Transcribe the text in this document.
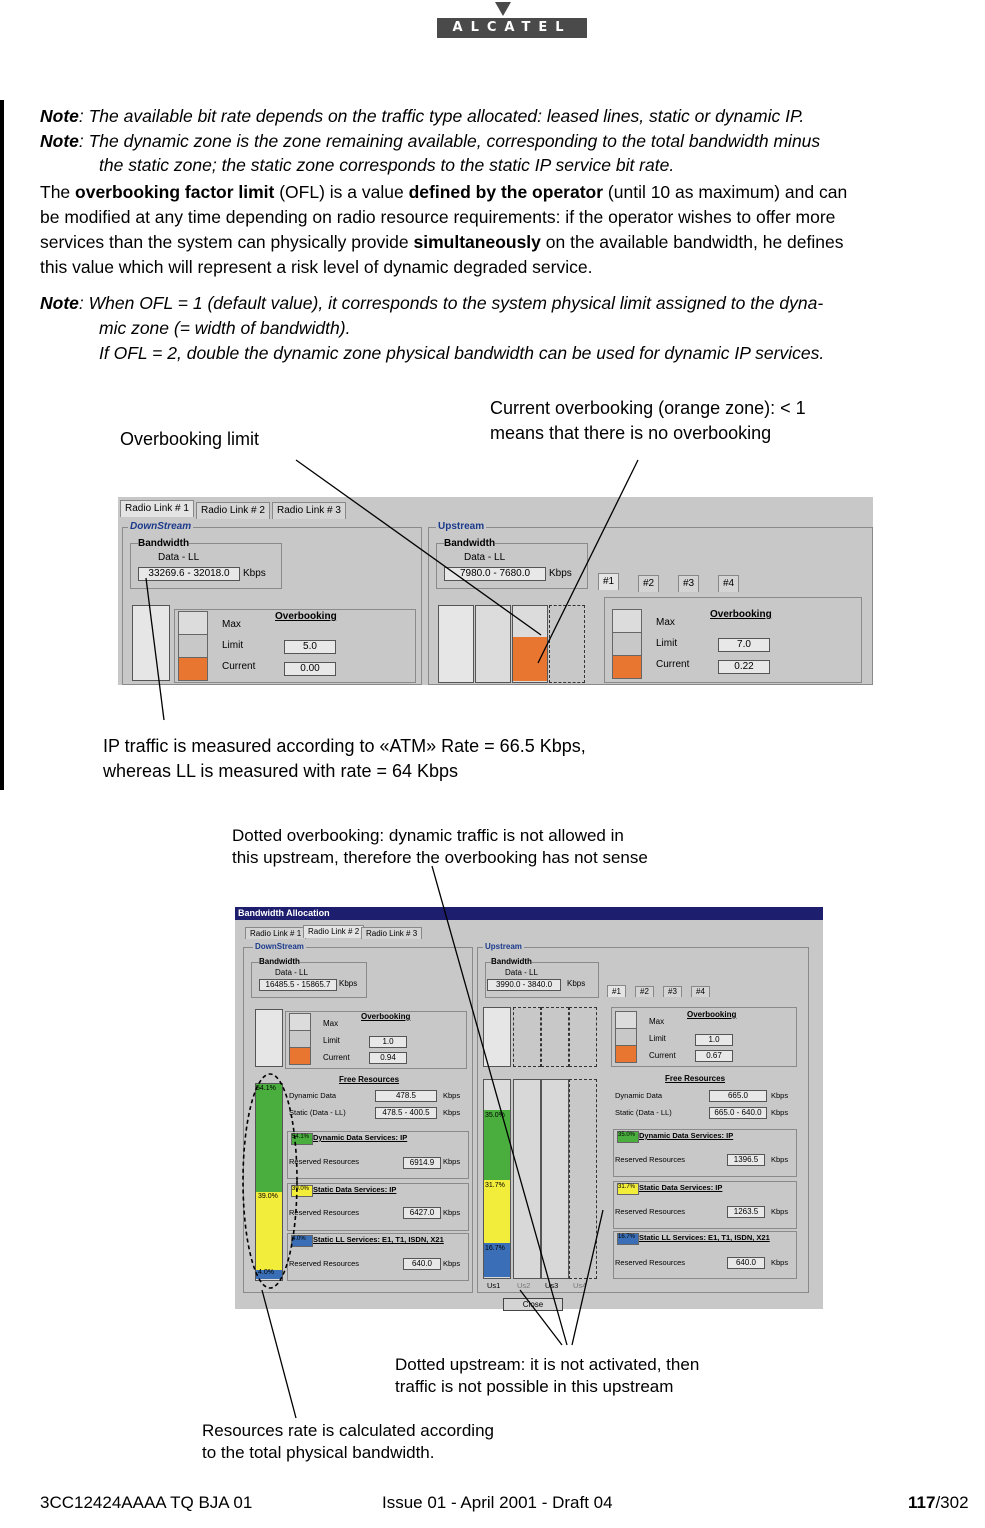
ALCATEL
Note: The available bit rate depends on the traffic type allocated: leased lines, static or dynamic IP.
Note: The dynamic zone is the zone remaining available, corresponding to the total bandwidth minus
the static zone; the static zone corresponds to the static IP service bit rate.
The overbooking factor limit (OFL) is a value defined by the operator (until 10 as maximum) and can
be modified at any time depending on radio resource requirements: if the operator wishes to offer more
services than the system can physically provide simultaneously on the available bandwidth, he defines
this value which will represent a risk level of dynamic degraded service.
Note: When OFL = 1 (default value), it corresponds to the system physical limit assigned to the dyna-
mic zone (= width of bandwidth).
If OFL = 2, double the dynamic zone physical bandwidth can be used for dynamic IP services.
Overbooking limit
Current overbooking (orange zone): < 1
means that there is no overbooking
IP traffic is measured according to «ATM» Rate = 66.5 Kbps,
whereas LL is measured with rate = 64 Kbps
Radio Link # 1	Radio Link # 2	Radio Link # 3
DownStream
Bandwidth
Data - LL
33269.6 - 32018.0	Kbps
Overbooking
Max
Limit
Current
5.0
0.00
Upstream
Bandwidth
Data - LL
7980.0 - 7680.0	Kbps
#1	#2	#3	#4
Overbooking
Max
Limit
Current
7.0
0.22
Dotted overbooking: dynamic traffic is not allowed in
this upstream, therefore the overbooking has not sense
Bandwidth Allocation
Radio Link # 1 Radio Link # 2 Radio Link # 3
DownStream
Bandwidth
Data - LL
16485.5 - 15865.7	Kbps
Overbooking
Max
Limit
Current
1.0
0.94
54.1%
39.0%
4.0%
Free Resources
Dynamic Data	478.5	Kbps
Static (Data - LL)	478.5 - 400.5	Kbps
54.1% Dynamic Data Services: IP
Reserved Resources	6914.9	Kbps
39.0% Static Data Services: IP
Reserved Resources	6427.0	Kbps
4.0% Static LL Services: E1, T1, ISDN, X21
Reserved Resources	640.0	Kbps
Upstream
Bandwidth
Data - LL
3990.0 - 3840.0	Kbps
#1	#2	#3	#4
Overbooking
Max
Limit
Current
1.0
0.67
35.0%
31.7%
16.7%
Us1 Us2 Us3 Us4
Free Resources
Dynamic Data	665.0	Kbps
Static (Data - LL)	665.0 - 640.0	Kbps
35.0% Dynamic Data Services: IP
Reserved Resources	1396.5	Kbps
31.7% Static Data Services: IP
Reserved Resources	1263.5	Kbps
16.7% Static LL Services: E1, T1, ISDN, X21
Reserved Resources	640.0	Kbps
Close
Dotted upstream: it is not activated, then
traffic is not possible in this upstream
Resources rate is calculated according
to the total physical bandwidth.
3CC12424AAAA TQ BJA 01	Issue 01 - April 2001 - Draft 04	117/302
